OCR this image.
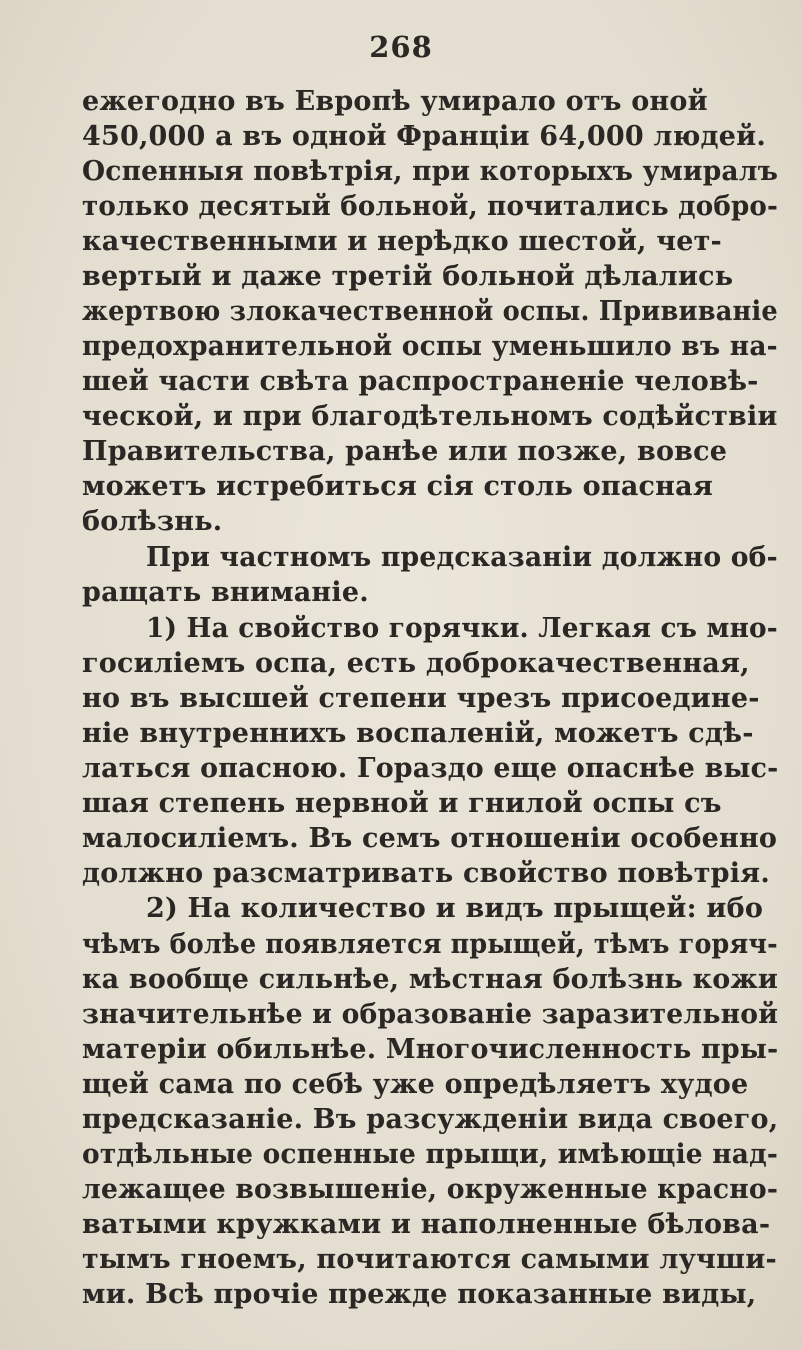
268
ежегодно въ Европѣ умирало отъ оной
450,000 а въ одной Франціи 64,000 людей.
Оспенныя повѣтрія, при которыхъ умиралъ
только десятый больной, почитались добро-
качественными и нерѣдко шестой, чет-
вертый и даже третій больной дѣлались
жертвою злокачественной оспы. Прививаніе
предохранительной оспы уменьшило въ на-
шей части свѣта распространеніе человѣ-
ческой, и при благодѣтельномъ содѣйствіи
Правительства, ранѣе или позже, вовсе
можетъ истребиться сія столь опасная
болѣзнь.
При частномъ предсказаніи должно об-
ращать вниманіе.
1) На свойство горячки. Легкая съ мно-
госиліемъ оспа, есть доброкачественная,
но въ высшей степени чрезъ присоедине-
ніе внутреннихъ воспаленій, можетъ сдѣ-
латься опасною. Гораздо еще опаснѣе выс-
шая степень нервной и гнилой оспы съ
малосиліемъ. Въ семъ отношеніи особенно
должно разсматривать свойство повѣтрія.
2) На количество и видъ прыщей: ибо
чѣмъ болѣе появляется прыщей, тѣмъ горяч-
ка вообще сильнѣе, мѣстная болѣзнь кожи
значительнѣе и образованіе заразительной
матеріи обильнѣе. Многочисленность пры-
щей сама по себѣ уже опредѣляетъ худое
предсказаніе. Въ разсужденіи вида своего,
отдѣльные оспенные прыщи, имѣющіе над-
лежащее возвышеніе, окруженные красно-
ватыми кружками и наполненные бѣлова-
тымъ гноемъ, почитаются самыми лучши-
ми. Всѣ прочіе прежде показанные виды,
